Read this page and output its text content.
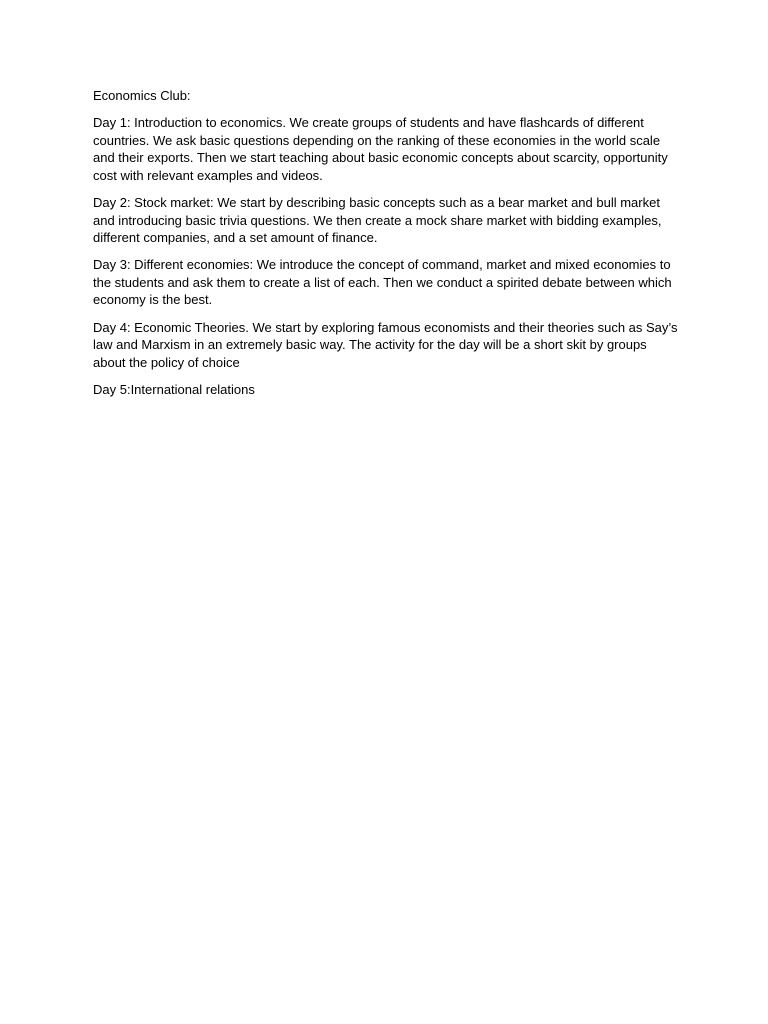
Economics Club:

Day 1: Introduction to economics. We create groups of students and have flashcards of different countries. We ask basic questions depending on the ranking of these economies in the world scale and their exports. Then we start teaching about basic economic concepts about scarcity, opportunity cost with relevant examples and videos.

Day 2: Stock market: We start by describing basic concepts such as a bear market and bull market and introducing basic trivia questions. We then create a mock share market with bidding examples, different companies, and a set amount of finance.

Day 3: Different economies: We introduce the concept of command, market and mixed economies to the students and ask them to create a list of each. Then we conduct a spirited debate between which economy is the best.

Day 4: Economic Theories. We start by exploring famous economists and their theories such as Say’s law and Marxism in an extremely basic way. The activity for the day will be a short skit by groups about the policy of choice

Day 5:International relations
